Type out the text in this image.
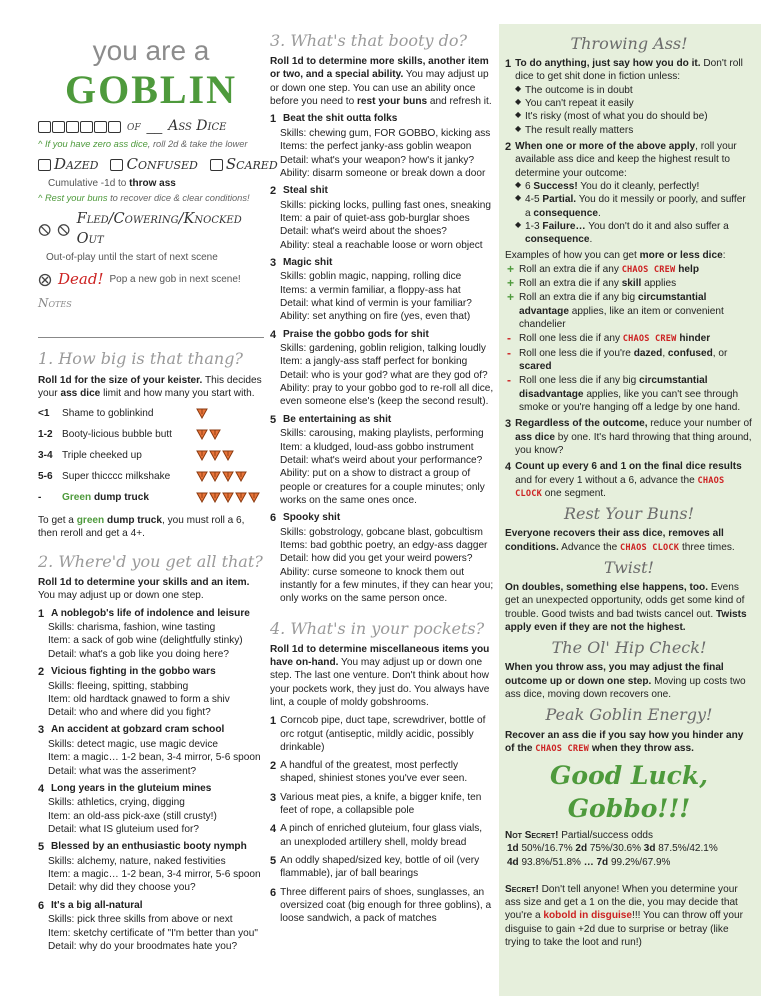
you are a
GOBLIN
of __ Ass Dice
^ If you have zero ass dice, roll 2d & take the lower
Dazed Confused Scared
Cumulative -1d to throw ass
^ Rest your buns to recover dice & clear conditions!
Fled/Cowering/Knocked Out
Out-of-play until the start of next scene
Dead! Pop a new gob in next scene!
Notes
1. How big is that thang?

Roll 1d for the size of your keister. This decides your ass dice limit and how many you start with.

<1	Shame to goblinkind
1-2 Booty-licious bubble butt
3-4 Triple cheeked up
5-6 Super thicccc milkshake
-	Green dump truck

To get a green dump truck, you must roll a 6, then reroll and get a 4+.

2. Where'd you get all that?

Roll 1d to determine your skills and an item. You may adjust up or down one step.

1 A noblegob's life of indolence and leisure
Skills: charisma, fashion, wine tasting
Item: a sack of gob wine (delightfully stinky)
Detail: what's a gob like you doing here?
2 Vicious fighting in the gobbo wars
Skills: fleeing, spitting, stabbing
Item: old hardtack gnawed to form a shiv
Detail: who and where did you fight?
3 An accident at gobzard cram school
Skills: detect magic, use magic device
Item: a magic… 1-2 bean, 3-4 mirror, 5-6 spoon
Detail: what was the asseriment?
4 Long years in the gluteium mines
Skills: athletics, crying, digging
Item: an old-ass pick-axe (still crusty!)
Detail: what IS gluteium used for?
5 Blessed by an enthusiastic booty nymph
Skills: alchemy, nature, naked festivities
Item: a magic… 1-2 bean, 3-4 mirror, 5-6 spoon
Detail: why did they choose you?
6 It's a big all-natural
Skills: pick three skills from above or next
Item: sketchy certificate of "I'm better than you"
Detail: why do your broodmates hate you?
3. What's that booty do?

Roll 1d to determine more skills, another item or two, and a special ability. You may adjust up or down one step. You can use an ability once before you need to rest your buns and refresh it.

1 Beat the shit outta folks
Skills: chewing gum, FOR GOBBO, kicking ass
Items: the perfect janky-ass goblin weapon
Detail: what's your weapon? how's it janky?
Ability: disarm someone or break down a door
2 Steal shit
Skills: picking locks, pulling fast ones, sneaking
Item: a pair of quiet-ass gob-burglar shoes
Detail: what's weird about the shoes?
Ability: steal a reachable loose or worn object
3 Magic shit
Skills: goblin magic, napping, rolling dice
Items: a vermin familiar, a floppy-ass hat
Detail: what kind of vermin is your familiar?
Ability: set anything on fire (yes, even that)
4 Praise the gobbo gods for shit
Skills: gardening, goblin religion, talking loudly
Item: a jangly-ass staff perfect for bonking
Detail: who is your god? what are they god of?
Ability: pray to your gobbo god to re-roll all dice, even someone else's (keep the second result).
5 Be entertaining as shit
Skills: carousing, making playlists, performing
Item: a kludged, loud-ass gobbo instrument
Detail: what's weird about your performance?
Ability: put on a show to distract a group of people or creatures for a couple minutes; only works on the same ones once.
6 Spooky shit
Skills: gobstrology, gobcane blast, gobcultism
Items: bad gobthic poetry, an edgy-ass dagger
Detail: how did you get your weird powers?
Ability: curse someone to knock them out instantly for a few minutes, if they can hear you; only works on the same person once.
4. What's in your pockets?

Roll 1d to determine miscellaneous items you have on-hand. You may adjust up or down one step. The last one venture. Don't think about how your pockets work, they just do. You always have lint, a couple of moldy gobshrooms.

1 Corncob pipe, duct tape, screwdriver, bottle of orc rotgut (antiseptic, mildly acidic, possibly drinkable)
2 A handful of the greatest, most perfectly shaped, shiniest stones you've ever seen.
3 Various meat pies, a knife, a bigger knife, ten feet of rope, a collapsible pole
4 A pinch of enriched gluteium, four glass vials, an unexploded artillery shell, moldy bread
5 An oddly shaped/sized key, bottle of oil (very flammable), jar of ball bearings
6 Three different pairs of shoes, sunglasses, an oversized coat (big enough for three goblins), a loose sandwich, a pack of matches
Throwing Ass!
1 To do anything, just say how you do it. Don't roll dice to get shit done in fiction unless:
◆ The outcome is in doubt
◆ You can't repeat it easily
◆ It's risky (most of what you do should be)
◆ The result really matters
2 When one or more of the above apply, roll your available ass dice and keep the highest result to determine your outcome:
◆ 6 Success! You do it cleanly, perfectly!
◆ 4-5 Partial. You do it messily or poorly, and suffer a consequence.
◆ 1-3 Failure… You don't do it and also suffer a consequence.
Examples of how you can get more or less dice:
+ Roll an extra die if any CHAOS CREW help
+ Roll an extra die if any skill applies
+ Roll an extra die if any big circumstantial advantage applies, like an item or convenient chandelier
- Roll one less die if any CHAOS CREW hinder
- Roll one less die if you're dazed, confused, or scared
- Roll one less die if any big circumstantial disadvantage applies, like you can't see through smoke or you're hanging off a ledge by one hand.
3 Regardless of the outcome, reduce your number of ass dice by one. It's hard throwing that thing around, you know?
4 Count up every 6 and 1 on the final dice results and for every 1 without a 6, advance the CHAOS CLOCK one segment.
Rest Your Buns!

Everyone recovers their ass dice, removes all conditions. Advance the CHAOS CLOCK three times.

Twist!

On doubles, something else happens, too. Evens get an unexpected opportunity, odds get some kind of trouble. Good twists and bad twists cancel out. Twists apply even if they are not the highest.

The Ol' Hip Check!

When you throw ass, you may adjust the final outcome up or down one step. Moving up costs two ass dice, moving down recovers one.

Peak Goblin Energy!

Recover an ass die if you say how you hinder any of the CHAOS CREW when they throw ass.

Good Luck, Gobbo!!!
Not Secret! Partial/success odds
1d 50%/16.7% 2d 75%/30.6% 3d 87.5%/42.1%
4d 93.8%/51.8% … 7d 99.2%/67.9%

Secret! Don't tell anyone! When you determine your ass size and get a 1 on the die, you may decide that you're a kobold in disguise!!! You can throw off your disguise to gain +2d due to surprise or betray (like trying to take the loot and run!)
